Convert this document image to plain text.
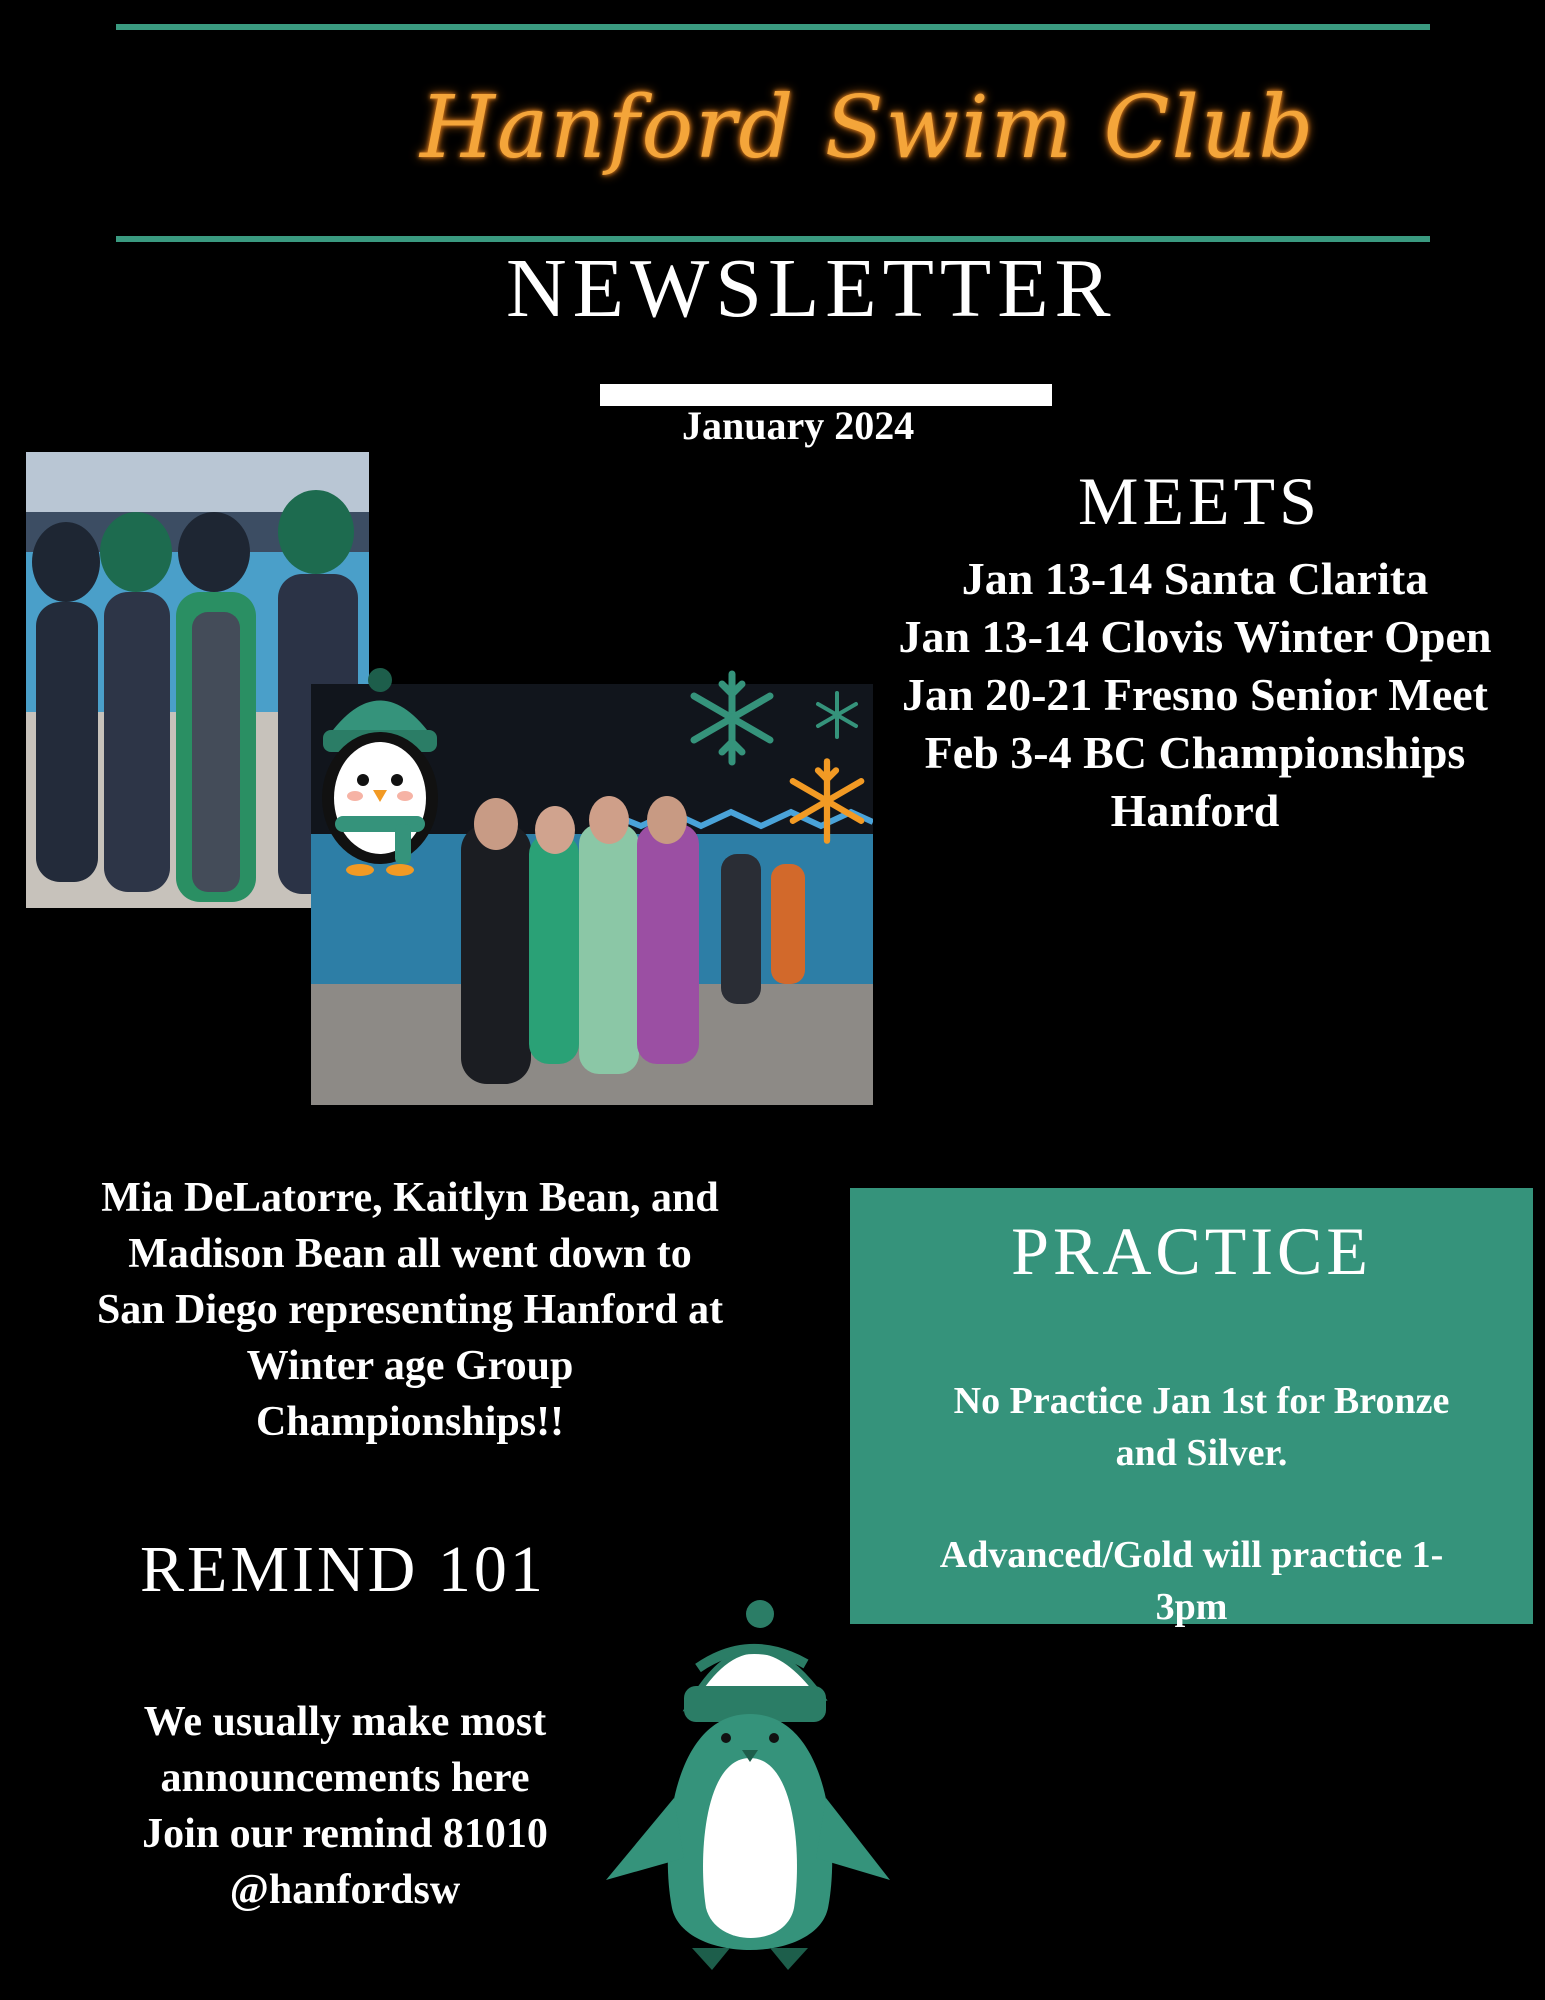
Hanford Swim Club
NEWSLETTER
January 2024
MEETS
Jan 13-14 Santa Clarita
Jan 13-14 Clovis Winter Open
Jan 20-21 Fresno Senior Meet
Feb 3-4 BC Championships
Hanford
Mia DeLatorre, Kaitlyn Bean, and
Madison Bean all went down to
San Diego representing Hanford at
Winter age Group
Championships!!
REMIND 101
We usually make most
announcements here
Join our remind 81010
@hanfordsw
PRACTICE
No Practice Jan 1st for Bronze
and Silver.
Advanced/Gold will practice 1-
3pm
